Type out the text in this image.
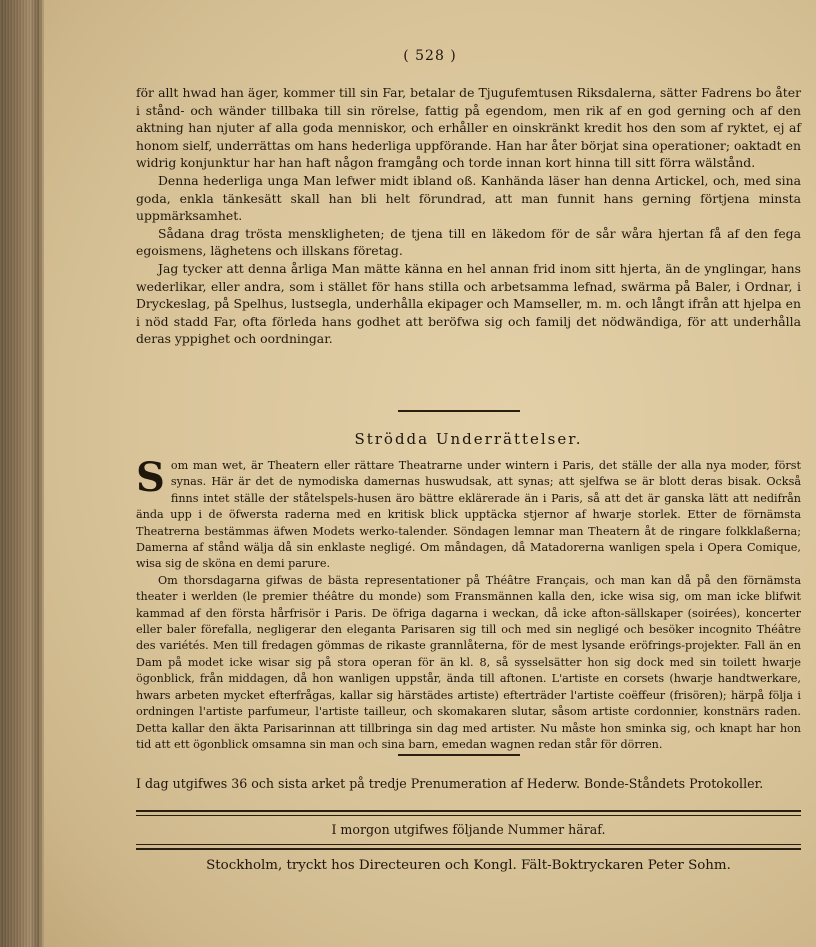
( 528 )

för allt hwad han äger, kommer till sin Far, betalar de Tjugufemtusen Riksdalerna, sätter Fadrens bo åter i stånd- och wänder tillbaka till sin rörelse, fattig på egendom, men rik af en god gerning och af den aktning han njuter af alla goda menniskor, och erhåller en oinskränkt kredit hos den som af ryktet, ej af honom sielf, underrättas om hans hederliga uppförande. Han har åter börjat sina operationer; oaktadt en widrig konjunktur har han haft någon framgång och torde innan kort hinna till sitt förra wälstånd.

Denna hederliga unga Man lefwer midt ibland oß. Kanhända läser han denna Artickel, och, med sina goda, enkla tänkesätt skall han bli helt förundrad, att man funnit hans gerning förtjena minsta uppmärksamhet.

Sådana drag trösta menskligheten; de tjena till en läkedom för de sår wåra hjertan få af den fega egoismens, läghetens och illskans företag.

Jag tycker att denna årliga Man mätte känna en hel annan frid inom sitt hjerta, än de ynglingar, hans wederlikar, eller andra, som i stället för hans stilla och arbetsamma lefnad, swärma på Baler, i Ordnar, i Dryckeslag, på Spelhus, lustsegla, underhålla ekipager och Mamseller, m. m. och långt ifrån att hjelpa en i nöd stadd Far, ofta förleda hans godhet att beröfwa sig och familj det nödwändiga, för att underhålla deras yppighet och oordningar.

Strödda Underrättelser.

S om man wet, är Theatern eller rättare Theatrarne under wintern i Paris, det ställe der alla nya moder, först synas. Här är det de nymodiska damernas huswudsak, att synas; att sjelfwa se är blott deras bisak. Också finns intet ställe der ståtelspels-husen äro bättre eklärerade än i Paris, så att det är ganska lätt att nedifrån ända upp i de öfwersta raderna med en kritisk blick upptäcka stjernor af hwarje storlek. Etter de förnämsta Theatrerna bestämmas äfwen Modets werko-talender. Söndagen lemnar man Theatern åt de ringare folkklaßerna; Damerna af stånd wälja då sin enklaste negligé. Om måndagen, då Matadorerna wanligen spela i Opera Comique, wisa sig de sköna en demi parure.

Om thorsdagarna gifwas de bästa representationer på Théâtre Français, och man kan då på den förnämsta theater i werlden (le premier théâtre du monde) som Fransmännen kalla den, icke wisa sig, om man icke blifwit kammad af den första hårfrisör i Paris. De öfriga dagarna i weckan, då icke afton-sällskaper (soirées), koncerter eller baler förefalla, negligerar den eleganta Parisaren sig till och med sin negligé och besöker incognito Théâtre des variétés. Men till fredagen gömmas de rikaste grannlåterna, för de mest lysande eröfrings-projekter. Fall än en Dam på modet icke wisar sig på stora operan för än kl. 8, så sysselsätter hon sig dock med sin toilett hwarje ögonblick, från middagen, då hon wanligen uppstår, ända till aftonen. L'artiste en corsets (hwarje handtwerkare, hwars arbeten mycket efterfrågas, kallar sig härstädes artiste) efterträder l'artiste coëffeur (frisören); härpå följa i ordningen l'artiste parfumeur, l'artiste tailleur, och skomakaren slutar, såsom artiste cordonnier, konstnärs raden. Detta kallar den äkta Parisarinnan att tillbringa sin dag med artister. Nu måste hon sminka sig, och knapt har hon tid att ett ögonblick omsamna sin man och sina barn, emedan wagnen redan står för dörren.

I dag utgifwes 36 och sista arket på tredje Prenumeration af Hederw. Bonde-Ståndets Protokoller.
I morgon utgifwes följande Nummer häraf.
Stockholm, tryckt hos Directeuren och Kongl. Fält-Boktryckaren Peter Sohm.
